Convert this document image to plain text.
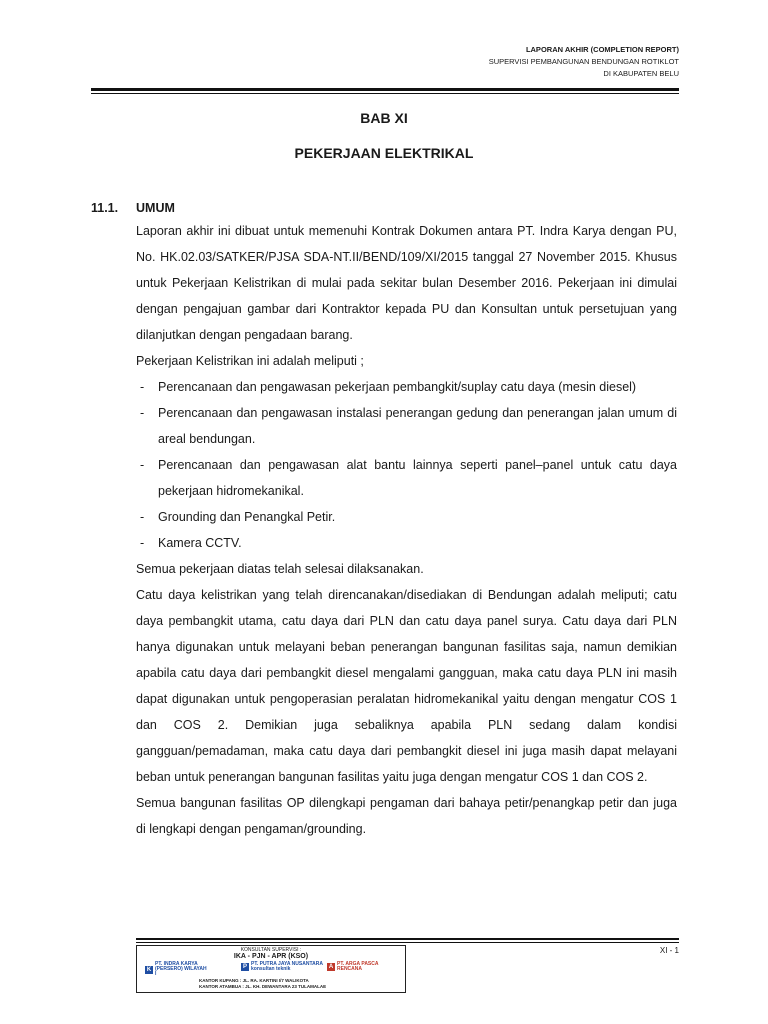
LAPORAN AKHIR (COMPLETION REPORT)
SUPERVISI PEMBANGUNAN BENDUNGAN ROTIKLOT
DI KABUPATEN BELU
BAB XI
PEKERJAAN ELEKTRIKAL
11.1. UMUM

Laporan akhir ini dibuat untuk memenuhi Kontrak Dokumen antara PT. Indra Karya dengan PU, No. HK.02.03/SATKER/PJSA SDA-NT.II/BEND/109/XI/2015 tanggal 27 November 2015. Khusus untuk Pekerjaan Kelistrikan di mulai pada sekitar bulan Desember 2016. Pekerjaan ini dimulai dengan pengajuan gambar dari Kontraktor kepada PU dan Konsultan untuk persetujuan yang dilanjutkan dengan pengadaan barang.

Pekerjaan Kelistrikan ini adalah meliputi ;

- Perencanaan dan pengawasan pekerjaan pembangkit/suplay catu daya (mesin diesel)
- Perencanaan dan pengawasan instalasi penerangan gedung dan penerangan jalan umum di areal bendungan.
- Perencanaan dan pengawasan alat bantu lainnya seperti panel–panel untuk catu daya pekerjaan hidromekanikal.
- Grounding dan Penangkal Petir.
- Kamera CCTV.

Semua pekerjaan diatas telah selesai dilaksanakan.

Catu daya kelistrikan yang telah direncanakan/disediakan di Bendungan adalah meliputi; catu daya pembangkit utama, catu daya dari PLN dan catu daya panel surya. Catu daya dari PLN hanya digunakan untuk melayani beban penerangan bangunan fasilitas saja, namun demikian apabila catu daya dari pembangkit diesel mengalami gangguan, maka catu daya PLN ini masih dapat digunakan untuk pengoperasian peralatan hidromekanikal yaitu dengan mengatur COS 1 dan COS 2. Demikian juga sebaliknya apabila PLN sedang dalam kondisi gangguan/pemadaman, maka catu daya dari pembangkit diesel ini juga masih dapat melayani beban untuk penerangan bangunan fasilitas yaitu juga dengan mengatur COS 1 dan COS 2.

Semua bangunan fasilitas OP dilengkapi pengaman dari bahaya petir/penangkap petir dan juga di lengkapi dengan pengaman/grounding.

XI - 1
KONSULTAN SUPERVISI :
IKA - PJN - APR (KSO)
K
PT. INDRA KARYA (PERSERO) WILAYAH I
P PT. PUTRA JAYA NUSANTARA konsultan teknik	A PT. ARGA PASCA RENCANA
KANTOR KUPANG : JL. RA. KARTINI I/7 WALIKOTA
KANTOR ATAMBUA : JL. KH. DEWANTARA 23 TULAMALAE
